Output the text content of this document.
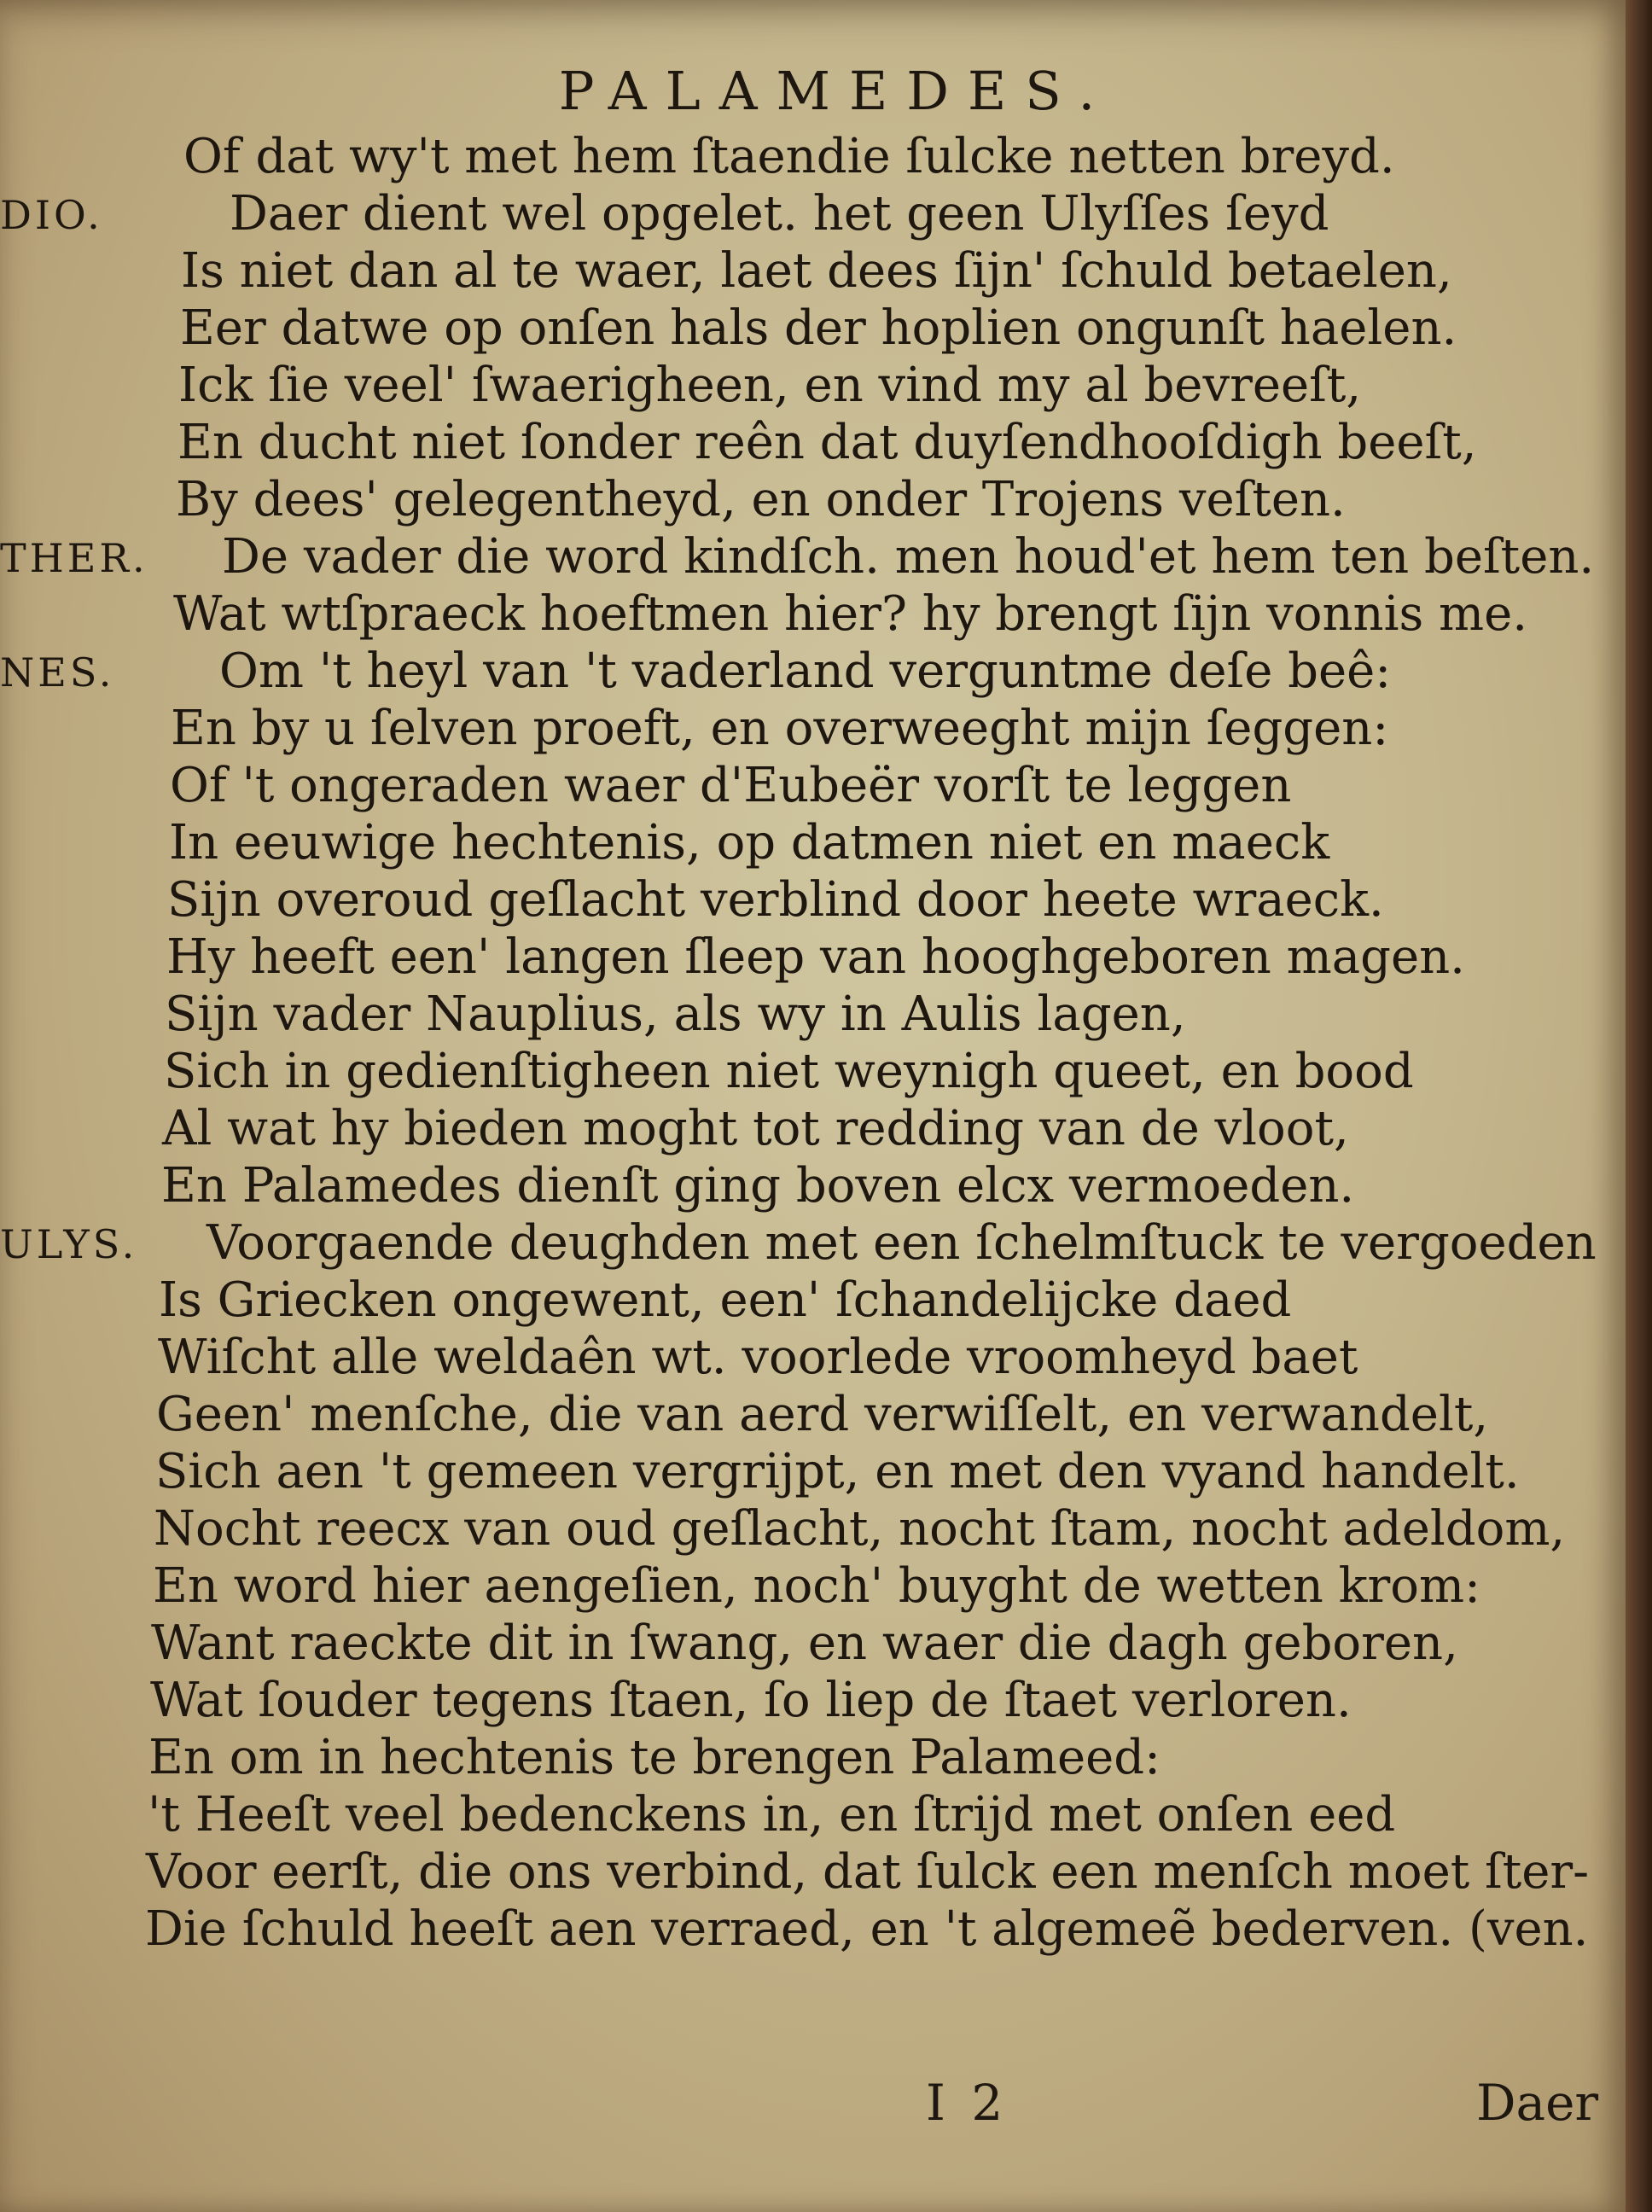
PALAMEDES.
Of dat wy't met hem ſtaendie ſulcke netten breyd.
DIO.	Daer dient wel opgelet. het geen Ulyſſes ſeyd
Is niet dan al te waer, laet dees ſijn' ſchuld betaelen,
Eer datwe op onſen hals der hoplien ongunſt haelen.
Ick ſie veel' ſwaerigheen, en vind my al bevreeſt,
En ducht niet ſonder reên dat duyſendhooſdigh beeſt,
By dees' gelegentheyd, en onder Trojens veſten.
THER. De vader die word kindſch. men houd'et hem ten beſten.
Wat wtſpraeck hoeftmen hier? hy brengt ſijn vonnis me.
NES. Om 't heyl van 't vaderland verguntme deſe beê:
En by u ſelven proeft, en overweeght mijn ſeggen:
Of 't ongeraden waer d'Eubeër vorſt te leggen
In eeuwige hechtenis, op datmen niet en maeck
Sijn overoud geſlacht verblind door heete wraeck.
Hy heeft een' langen ſleep van hooghgeboren magen.
Sijn vader Nauplius, als wy in Aulis lagen,
Sich in gedienſtigheen niet weynigh queet, en bood
Al wat hy bieden moght tot redding van de vloot,
En Palamedes dienſt ging boven elcx vermoeden.
ULYS. Voorgaende deughden met een ſchelmſtuck te vergoeden
Is Griecken ongewent, een' ſchandelijcke daed
Wiſcht alle weldaên wt. voorlede vroomheyd baet
Geen' menſche, die van aerd verwiſſelt, en verwandelt,
Sich aen 't gemeen vergrijpt, en met den vyand handelt.
Nocht reecx van oud geſlacht, nocht ſtam, nocht adeldom,
En word hier aengeſien, noch' buyght de wetten krom:
Want raeckte dit in ſwang, en waer die dagh geboren,
Wat ſouder tegens ſtaen, ſo liep de ſtaet verloren.
En om in hechtenis te brengen Palameed:
't Heeſt veel bedenckens in, en ſtrijd met onſen eed
Voor eerſt, die ons verbind, dat ſulck een menſch moet ſter-
Die ſchuld heeſt aen verraed, en 't algemeẽ bederven. (ven.
I 2	Daer
